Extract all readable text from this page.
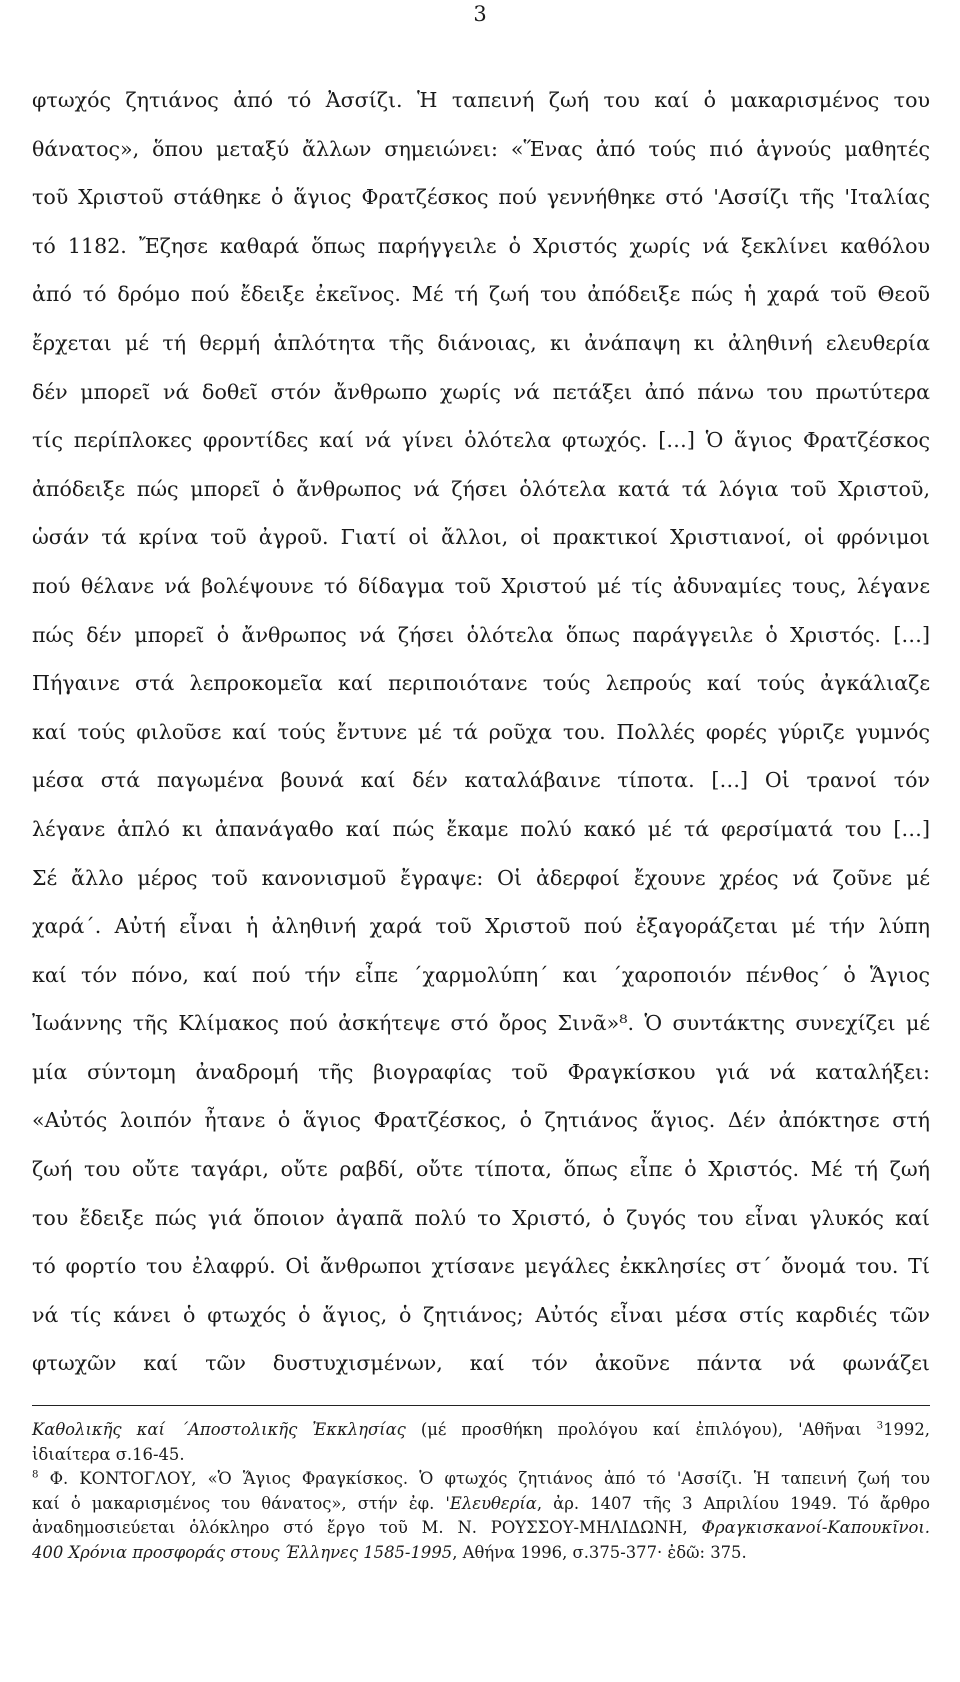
3
φτωχός ζητιάνος ἀπό τό Ἀσσίζι. Ἡ ταπεινή ζωή του καί ὁ μακαρισμένος του
θάνατος», ὅπου μεταξύ ἄλλων σημειώνει: «Ἕνας ἀπό τούς πιό ἁγνούς μαθητές
τοῦ Χριστοῦ στάθηκε ὁ ἅγιος Φρατζέσκος πού γεννήθηκε στό 'Ασσίζι τῆς 'Ιταλίας
τό 1182. Ἔζησε καθαρά ὅπως παρήγγειλε ὁ Χριστός χωρίς νά ξεκλίνει καθόλου
ἀπό τό δρόμο πού ἔδειξε ἐκεῖνος. Μέ τή ζωή του ἀπόδειξε πώς ἡ χαρά τοῦ Θεοῦ
ἔρχεται μέ τή θερμή ἁπλότητα τῆς διάνοιας, κι ἀνάπαψη κι ἀληθινή ελευθερία
δέν μπορεῖ νά δοθεῖ στόν ἄνθρωπο χωρίς νά πετάξει ἀπό πάνω του πρωτύτερα
τίς περίπλοκες φροντίδες καί νά γίνει ὁλότελα φτωχός. […] Ὁ ἅγιος Φρατζέσκος
ἀπόδειξε πώς μπορεῖ ὁ ἄνθρωπος νά ζήσει ὁλότελα κατά τά λόγια τοῦ Χριστοῦ,
ὡσάν τά κρίνα τοῦ ἀγροῦ. Γιατί οἱ ἄλλοι, οἱ πρακτικοί Χριστιανοί, οἱ φρόνιμοι
πού θέλανε νά βολέψουνε τό δίδαγμα τοῦ Χριστού μέ τίς ἀδυναμίες τους, λέγανε
πώς δέν μπορεῖ ὁ ἄνθρωπος νά ζήσει ὁλότελα ὅπως παράγγειλε ὁ Χριστός. […]
Πήγαινε στά λεπροκομεῖα καί περιποιότανε τούς λεπρούς καί τούς ἀγκάλιαζε
καί τούς φιλοῦσε καί τούς ἔντυνε μέ τά ροῦχα του. Πολλές φορές γύριζε γυμνός
μέσα στά παγωμένα βουνά καί δέν καταλάβαινε τίποτα. […] Οἱ τρανοί τόν
λέγανε ἁπλό κι ἀπανάγαθο καί πώς ἔκαμε πολύ κακό μέ τά φερσίματά του […]
Σέ ἄλλο μέρος τοῦ κανονισμοῦ ἔγραψε: Οἱ ἀδερφοί ἔχουνε χρέος νά ζοῦνε μέ
χαρά΄. Αὐτή εἶναι ἡ ἀληθινή χαρά τοῦ Χριστοῦ πού ἐξαγοράζεται μέ τήν λύπη
καί τόν πόνο, καί πού τήν εἶπε ΄χαρμολύπη΄ και ΄χαροποιόν πένθος΄ ὁ Ἅγιος
Ἰωάννης τῆς Κλίμακος πού ἀσκήτεψε στό ὄρος Σινᾶ»⁸. Ὁ συντάκτης συνεχίζει μέ
μία σύντομη ἀναδρομή τῆς βιογραφίας τοῦ Φραγκίσκου γιά νά καταλήξει:
«Αὐτός λοιπόν ἦτανε ὁ ἅγιος Φρατζέσκος, ὁ ζητιάνος ἅγιος. Δέν ἀπόκτησε στή
ζωή του οὔτε ταγάρι, οὔτε ραβδί, οὔτε τίποτα, ὅπως εἶπε ὁ Χριστός. Μέ τή ζωή
του ἔδειξε πώς γιά ὅποιον ἀγαπᾶ πολύ το Χριστό, ὁ ζυγός του εἶναι γλυκός καί
τό φορτίο του ἐλαφρύ. Οἱ ἄνθρωποι χτίσανε μεγάλες ἐκκλησίες στ΄ ὄνομά του. Τί
νά τίς κάνει ὁ φτωχός ὁ ἅγιος, ὁ ζητιάνος; Αὐτός εἶναι μέσα στίς καρδιές τῶν
φτωχῶν καί τῶν δυστυχισμένων, καί τόν ἀκοῦνε πάντα νά φωνάζει
Καθολικῆς καί ΄Αποστολικῆς Ἐκκλησίας (μέ προσθήκη προλόγου καί ἐπιλόγου), 'Αθῆναι $^3$1992,
ἰδιαίτερα σ.16-45.
$^8$ Φ. ΚΟΝΤΟΓΛΟΥ, «Ὁ Ἅγιος Φραγκίσκος. Ὁ φτωχός ζητιάνος ἀπό τό 'Ασσίζι. Ἡ ταπεινή ζωή του
καί ὁ μακαρισμένος του θάνατος», στήν ἐφ. 'Ελευθερία, ἀρ. 1407 τῆς 3 Απριλίου 1949. Τό ἄρθρο
ἀναδημοσιεύεται ὁλόκληρο στό ἔργο τοῦ Μ. Ν. ΡΟΥΣΣΟΥ-ΜΗΛΙΔΩΝΗ, Φραγκισκανοί-Καπουκῖνοι.
400 Χρόνια προσφοράς στους Έλληνες 1585-1995, Αθήνα 1996, σ.375-377· ἐδῶ: 375.
